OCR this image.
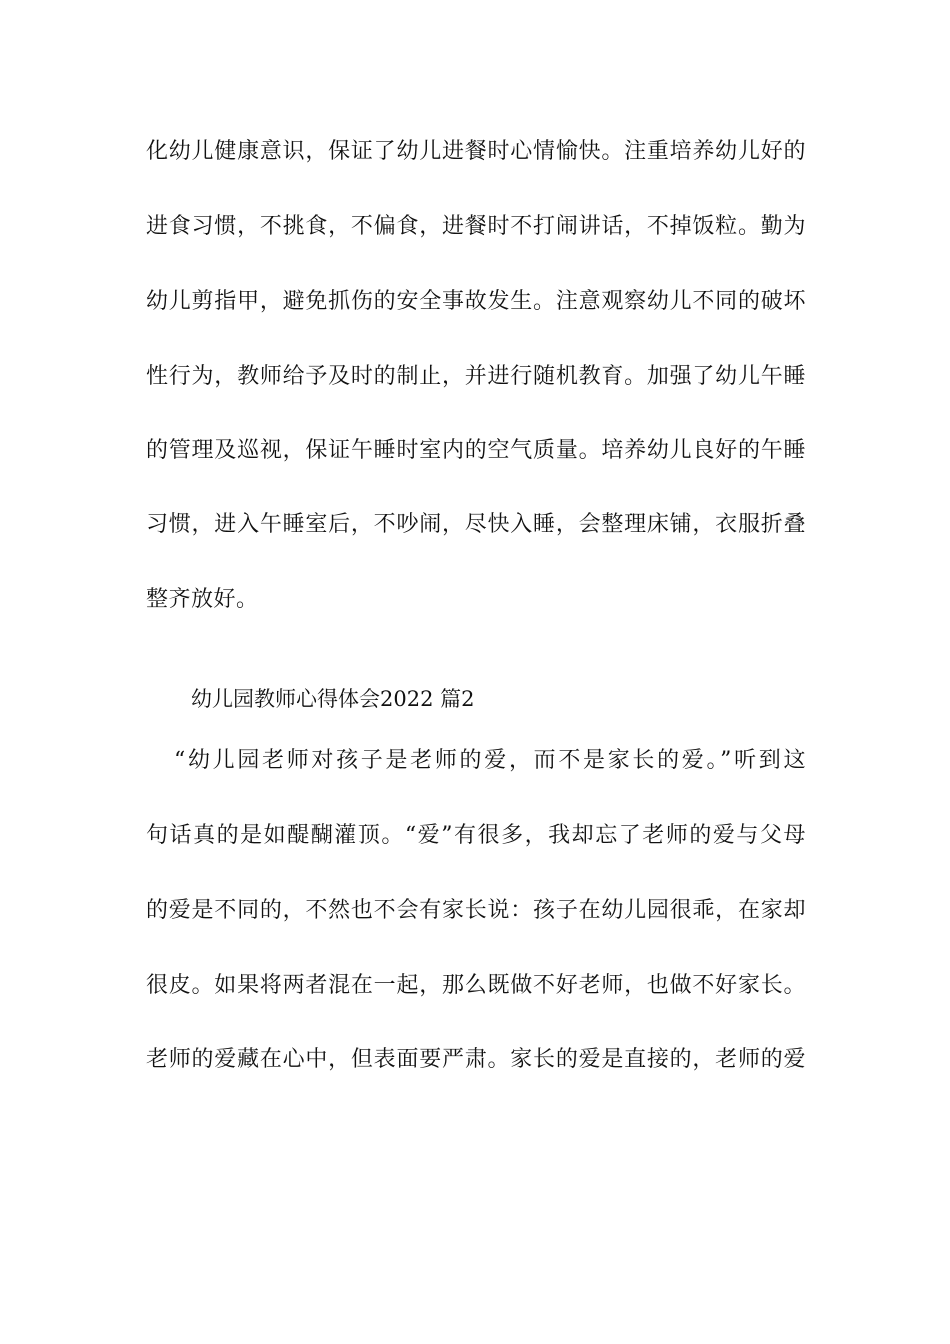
化幼儿健康意识，保证了幼儿进餐时心情愉快。注重培养幼儿好的
进食习惯，不挑食，不偏食，进餐时不打闹讲话，不掉饭粒。勤为
幼儿剪指甲，避免抓伤的安全事故发生。注意观察幼儿不同的破坏
性行为，教师给予及时的制止，并进行随机教育。加强了幼儿午睡
的管理及巡视，保证午睡时室内的空气质量。培养幼儿良好的午睡
习惯，进入午睡室后，不吵闹，尽快入睡，会整理床铺，衣服折叠
整齐放好。
幼儿园教师心得体会2022 篇2
“幼儿园老师对孩子是老师的爱，而不是家长的爱。”听到这
句话真的是如醍醐灌顶。“爱”有很多，我却忘了老师的爱与父母
的爱是不同的，不然也不会有家长说：孩子在幼儿园很乖，在家却
很皮。如果将两者混在一起，那么既做不好老师，也做不好家长。
老师的爱藏在心中，但表面要严肃。家长的爱是直接的，老师的爱
